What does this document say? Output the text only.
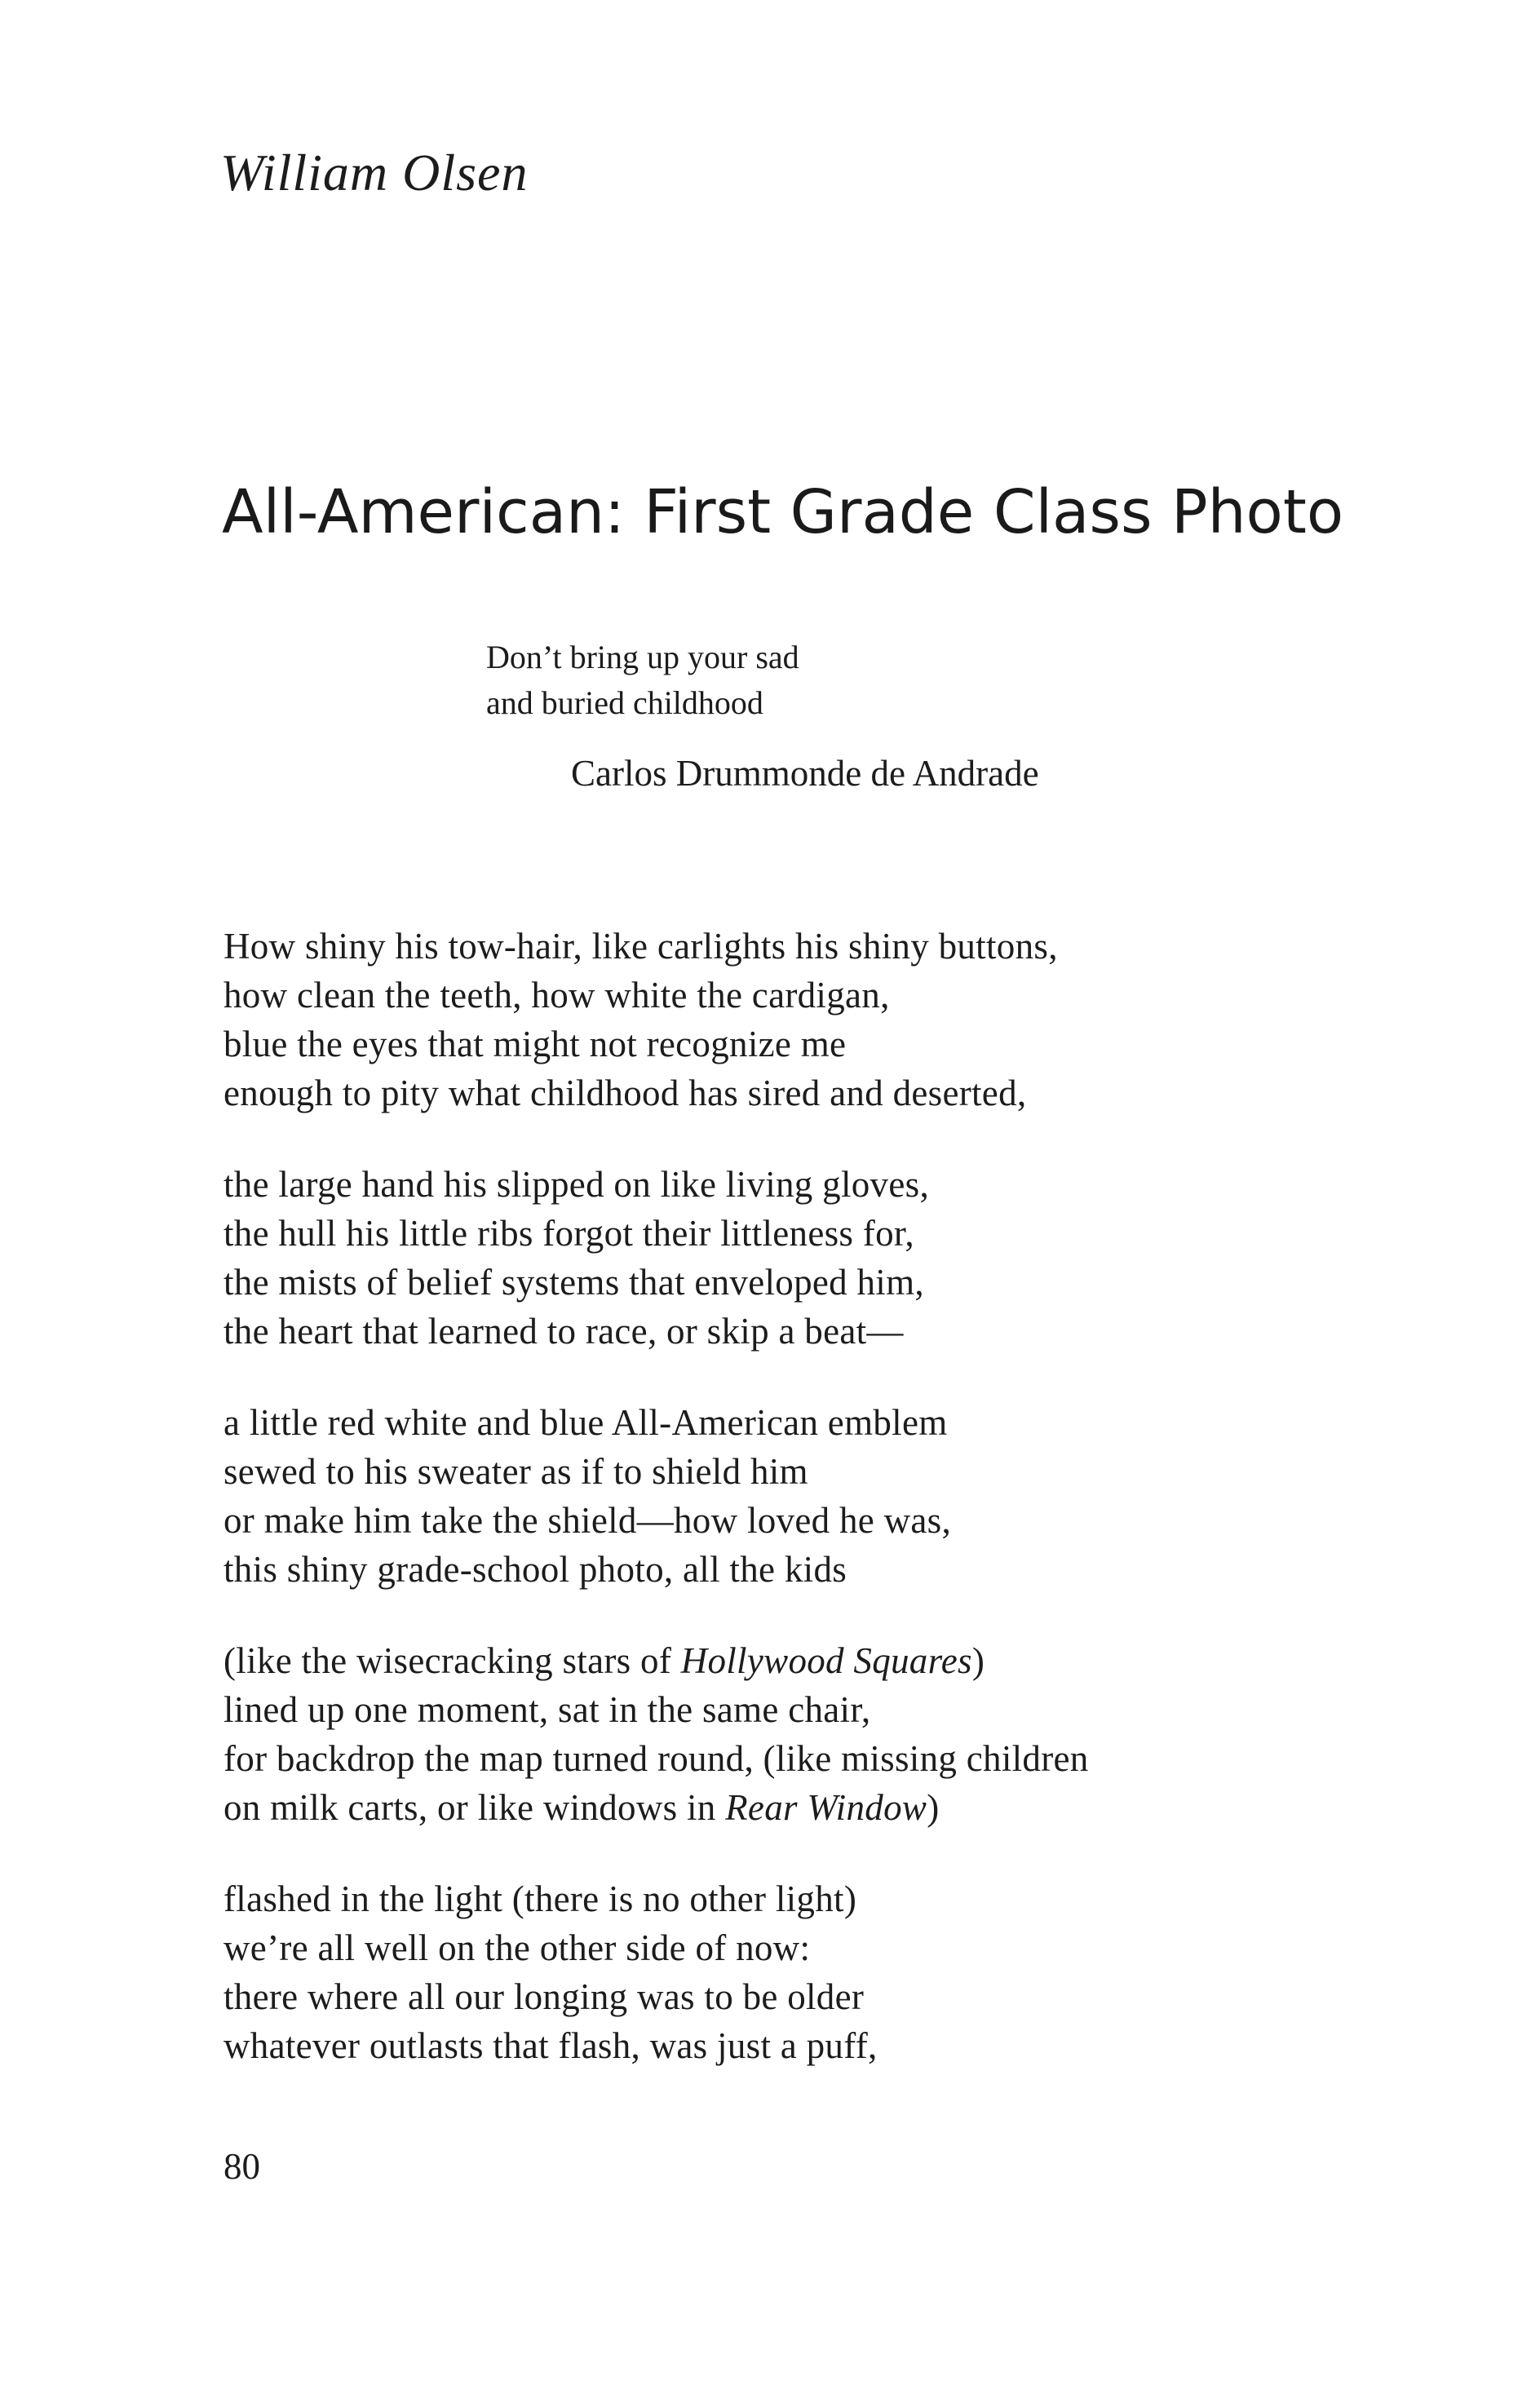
William Olsen
All-American: First Grade Class Photo
Don’t bring up your sad
and buried childhood
Carlos Drummonde de Andrade
How shiny his tow-hair, like carlights his shiny buttons,
how clean the teeth, how white the cardigan,
blue the eyes that might not recognize me
enough to pity what childhood has sired and deserted,
the large hand his slipped on like living gloves,
the hull his little ribs forgot their littleness for,
the mists of belief systems that enveloped him,
the heart that learned to race, or skip a beat—
a little red white and blue All-American emblem
sewed to his sweater as if to shield him
or make him take the shield—how loved he was,
this shiny grade-school photo, all the kids
(like the wisecracking stars of Hollywood Squares)
lined up one moment, sat in the same chair,
for backdrop the map turned round, (like missing children
on milk carts, or like windows in Rear Window)
flashed in the light (there is no other light)
we’re all well on the other side of now:
there where all our longing was to be older
whatever outlasts that flash, was just a puff,
80
